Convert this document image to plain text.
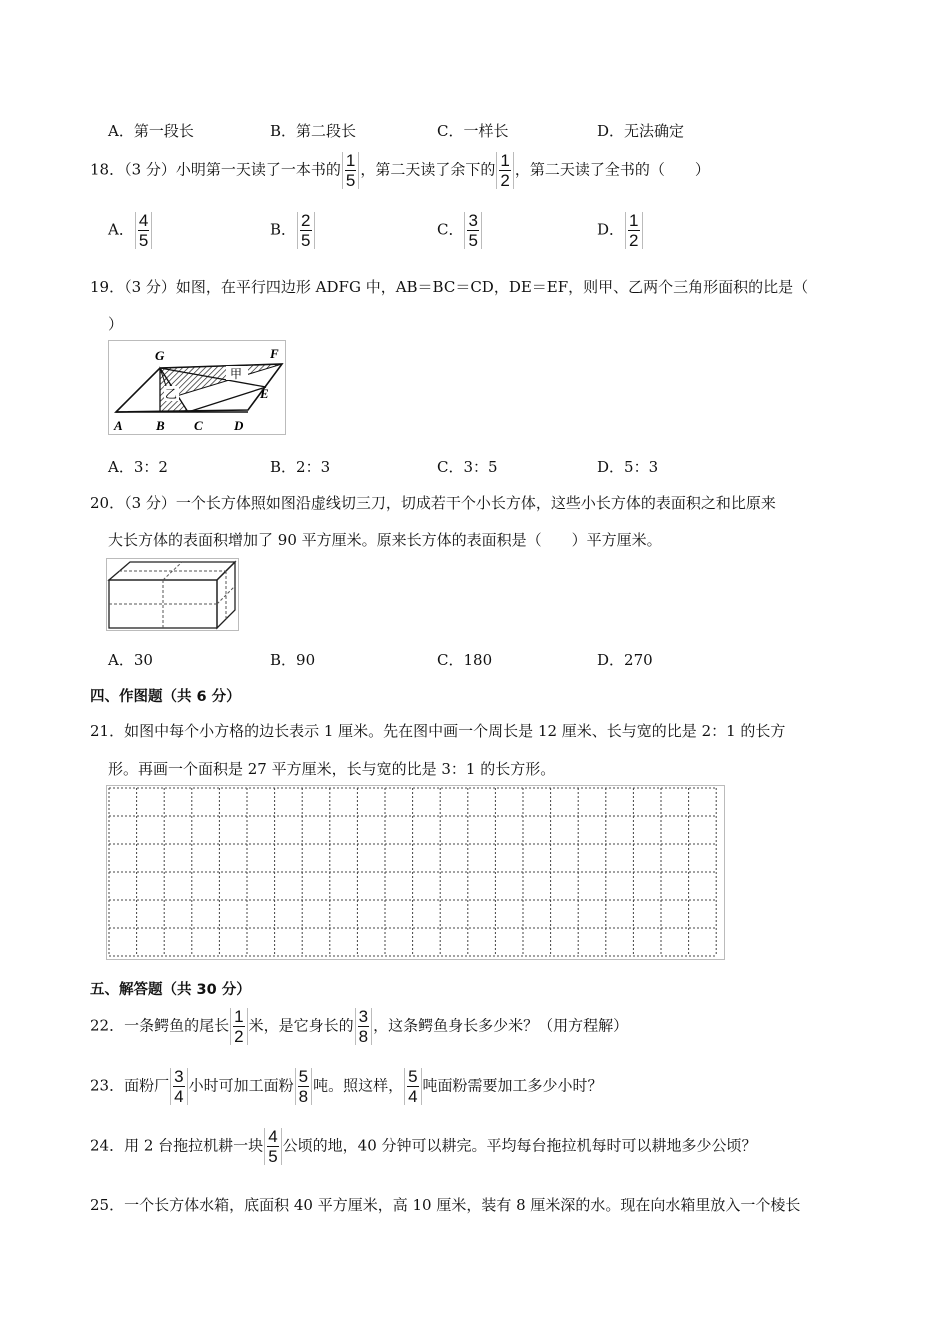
A．第一段长	B．第二段长	C．一样长	D．无法确定
18．（3 分）小明第一天读了一本书的 $\frac{1}{5}$ ，第二天读了余下的 $\frac{1}{2}$ ，第二天读了全书的（　　）
A． $\frac{4}{5}$	B． $\frac{2}{5}$	C． $\frac{3}{5}$	D． $\frac{1}{2}$
19．（3 分）如图，在平行四边形 ADFG 中，AB＝BC＝CD，DE＝EF，则甲、乙两个三角形面积的比是（
）
甲
乙
G	F
E
A	B C D
A．3：2	B．2：3	C．3：5	D．5：3
20．（3 分）一个长方体照如图沿虚线切三刀，切成若干个小长方体，这些小长方体的表面积之和比原来
大长方体的表面积增加了 90 平方厘米。原来长方体的表面积是（　　）平方厘米。
A．30	B．90	C．180	D．270
四、作图题（共 6 分）
21．如图中每个小方格的边长表示 1 厘米。先在图中画一个周长是 12 厘米、长与宽的比是 2：1 的长方
形。再画一个面积是 27 平方厘米，长与宽的比是 3：1 的长方形。
五、解答题（共 30 分）
22．一条鳄鱼的尾长 $\frac{1}{2}$ 米，是它身长的 $\frac{3}{8}$ ，这条鳄鱼身长多少米？（用方程解）
23．面粉厂 $\frac{3}{4}$ 小时可加工面粉 $\frac{5}{8}$ 吨。照这样， $\frac{5}{4}$ 吨面粉需要加工多少小时？
24．用 2 台拖拉机耕一块 $\frac{4}{5}$ 公顷的地，40 分钟可以耕完。平均每台拖拉机每时可以耕地多少公顷？
25．一个长方体水箱，底面积 40 平方厘米，高 10 厘米，装有 8 厘米深的水。现在向水箱里放入一个棱长
